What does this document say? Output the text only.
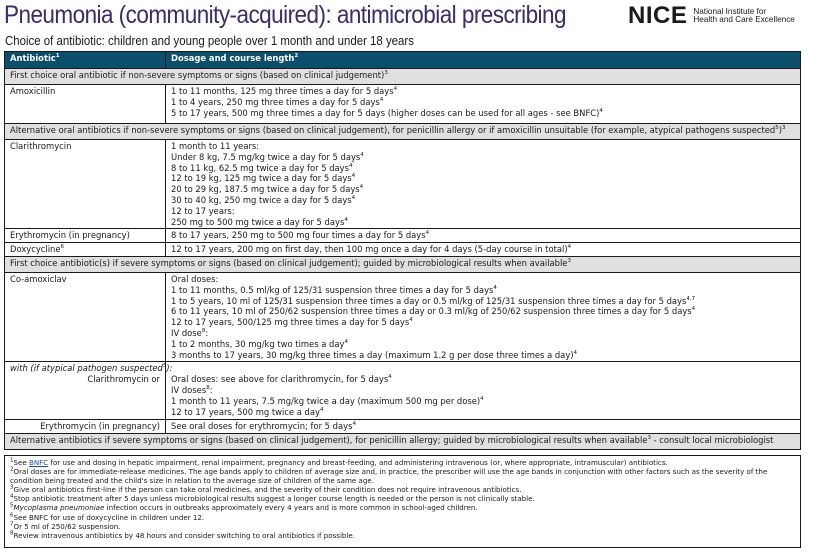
Pneumonia (community-acquired): antimicrobial prescribing	NICE National Institute for
Health and Care Excellence
Choice of antibiotic: children and young people over 1 month and under 18 years
Antibiotic$^1$	Dosage and course length$^2$
First choice oral antibiotic if non-severe symptoms or signs (based on clinical judgement)$^3$
Amoxicillin	1 to 11 months, 125 mg three times a day for 5 days$^4$
1 to 4 years, 250 mg three times a day for 5 days$^4$
5 to 17 years, 500 mg three times a day for 5 days (higher doses can be used for all ages - see BNFC)$^4$

Alternative oral antibiotics if non-severe symptoms or signs (based on clinical judgement), for penicillin allergy or if amoxicillin unsuitable (for example, atypical pathogens suspected$^5$)$^3$
Clarithromycin	1 month to 11 years:
Under 8 kg, 7.5 mg/kg twice a day for 5 days$^4$
8 to 11 kg, 62.5 mg twice a day for 5 days$^4$
12 to 19 kg, 125 mg twice a day for 5 days$^4$
20 to 29 kg, 187.5 mg twice a day for 5 days$^4$
30 to 40 kg, 250 mg twice a day for 5 days$^4$
12 to 17 years:
250 mg to 500 mg twice a day for 5 days$^4$

Erythromycin (in pregnancy)	8 to 17 years, 250 mg to 500 mg four times a day for 5 days$^4$

Doxycycline$^6$	12 to 17 years, 200 mg on first day, then 100 mg once a day for 4 days (5-day course in total)$^4$

First choice antibiotic(s) if severe symptoms or signs (based on clinical judgement); guided by microbiological results when available$^3$
Co-amoxiclav	Oral doses:
1 to 11 months, 0.5 ml/kg of 125/31 suspension three times a day for 5 days$^4$
1 to 5 years, 10 ml of 125/31 suspension three times a day or 0.5 ml/kg of 125/31 suspension three times a day for 5 days$^{4,7}$
6 to 11 years, 10 ml of 250/62 suspension three times a day or 0.3 ml/kg of 250/62 suspension three times a day for 5 days$^4$
12 to 17 years, 500/125 mg three times a day for 5 days$^4$
IV dose$^8$:
1 to 2 months, 30 mg/kg two times a day$^4$
3 months to 17 years, 30 mg/kg three times a day (maximum 1.2 g per dose three times a day)$^4$

with (if atypical pathogen suspected$^5$):
Clarithromycin or	Oral doses: see above for clarithromycin, for 5 days$^4$
IV doses$^8$:
1 month to 11 years, 7.5 mg/kg twice a day (maximum 500 mg per dose)$^4$
12 to 17 years, 500 mg twice a day$^4$

Erythromycin (in pregnancy)	See oral doses for erythromycin; for 5 days$^4$

Alternative antibiotics if severe symptoms or signs (based on clinical judgement), for penicillin allergy; guided by microbiological results when available$^3$ - consult local microbiologist	
$^1$See BNFC for use and dosing in hepatic impairment, renal impairment, pregnancy and breast-feeding, and administering intravenous (or, where appropriate, intramuscular) antibiotics.
$^2$Oral doses are for immediate-release medicines. The age bands apply to children of average size and, in practice, the prescriber will use the age bands in conjunction with other factors such as the severity of the condition being treated and the child's size in relation to the average size of children of the same age.
$^3$Give oral antibiotics first-line if the person can take oral medicines, and the severity of their condition does not require intravenous antibiotics.
$^4$Stop antibiotic treatment after 5 days unless microbiological results suggest a longer course length is needed or the person is not clinically stable.
$^5$Mycoplasma pneumoniae infection occurs in outbreaks approximately every 4 years and is more common in school-aged children.
$^6$See BNFC for use of doxycycline in children under 12.
$^7$Or 5 ml of 250/62 suspension.
$^8$Review intravenous antibiotics by 48 hours and consider switching to oral antibiotics if possible.
